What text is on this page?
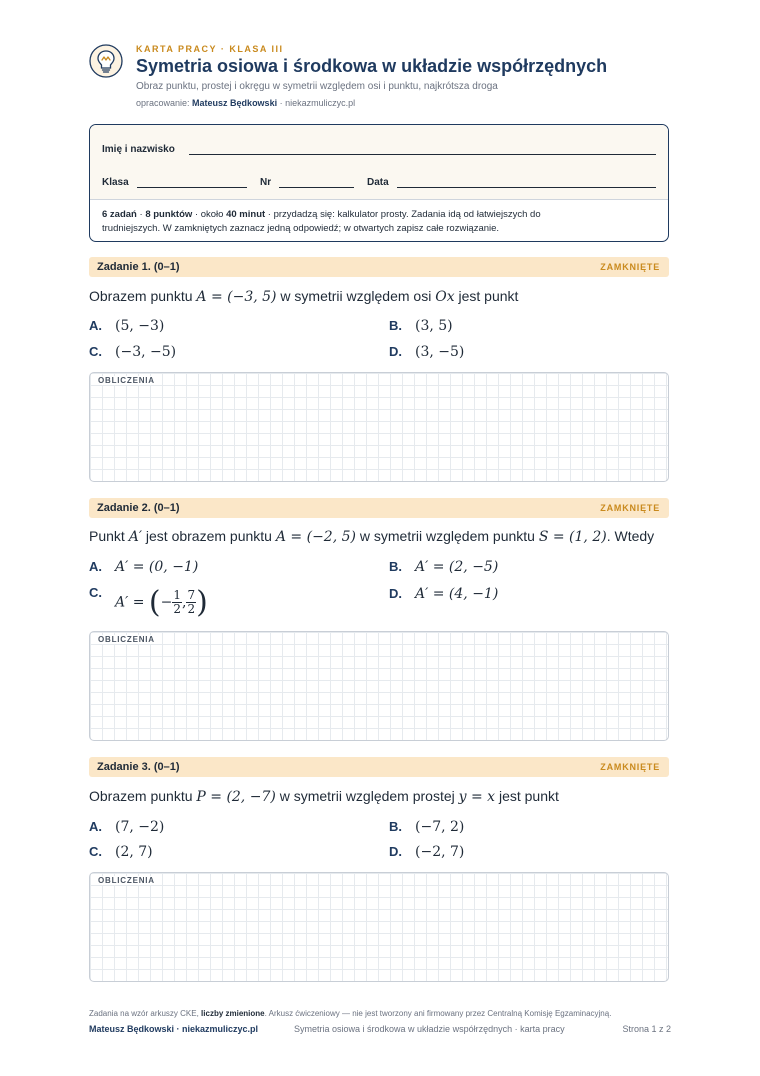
KARTA PRACY · KLASA III
Symetria osiowa i środkowa w układzie współrzędnych
Obraz punktu, prostej i okręgu w symetrii względem osi i punktu, najkrótsza droga
opracowanie: Mateusz Będkowski · niekazmuliczyc.pl
Imię i nazwisko
Klasa	Nr	Data
6 zadań · 8 punktów · około 40 minut · przydadzą się: kalkulator prosty. Zadania idą od łatwiejszych do
trudniejszych. W zamkniętych zaznacz jedną odpowiedź; w otwartych zapisz całe rozwiązanie.
Zadanie 1. (0–1)	ZAMKNIĘTE
Obrazem punktu A = (−3, 5) w symetrii względem osi Ox jest punkt
A. (5, −3)	B. (3, 5)
C. (−3, −5)	D. (3, −5)
OBLICZENIA
Zadanie 2. (0–1)	ZAMKNIĘTE
Punkt A′ jest obrazem punktu A = (−2, 5) w symetrii względem punktu S = (1, 2). Wtedy
A. A′ = (0, −1)	B. A′ = (2, −5)
C.A′ = (− $\frac{1}{2}$ , $\frac{7}{2}$ )	D. A′ = (4, −1)
OBLICZENIA
Zadanie 3. (0–1)	ZAMKNIĘTE
Obrazem punktu P = (2, −7) w symetrii względem prostej y = x jest punkt
A. (7, −2)	B. (−7, 2)
C. (2, 7)	D. (−2, 7)
OBLICZENIA
Zadania na wzór arkuszy CKE, liczby zmienione. Arkusz ćwiczeniowy — nie jest tworzony ani firmowany przez Centralną Komisję Egzaminacyjną.
Mateusz Będkowski · niekazmuliczyc.pl	Symetria osiowa i środkowa w układzie współrzędnych · karta pracy	Strona 1 z 2
